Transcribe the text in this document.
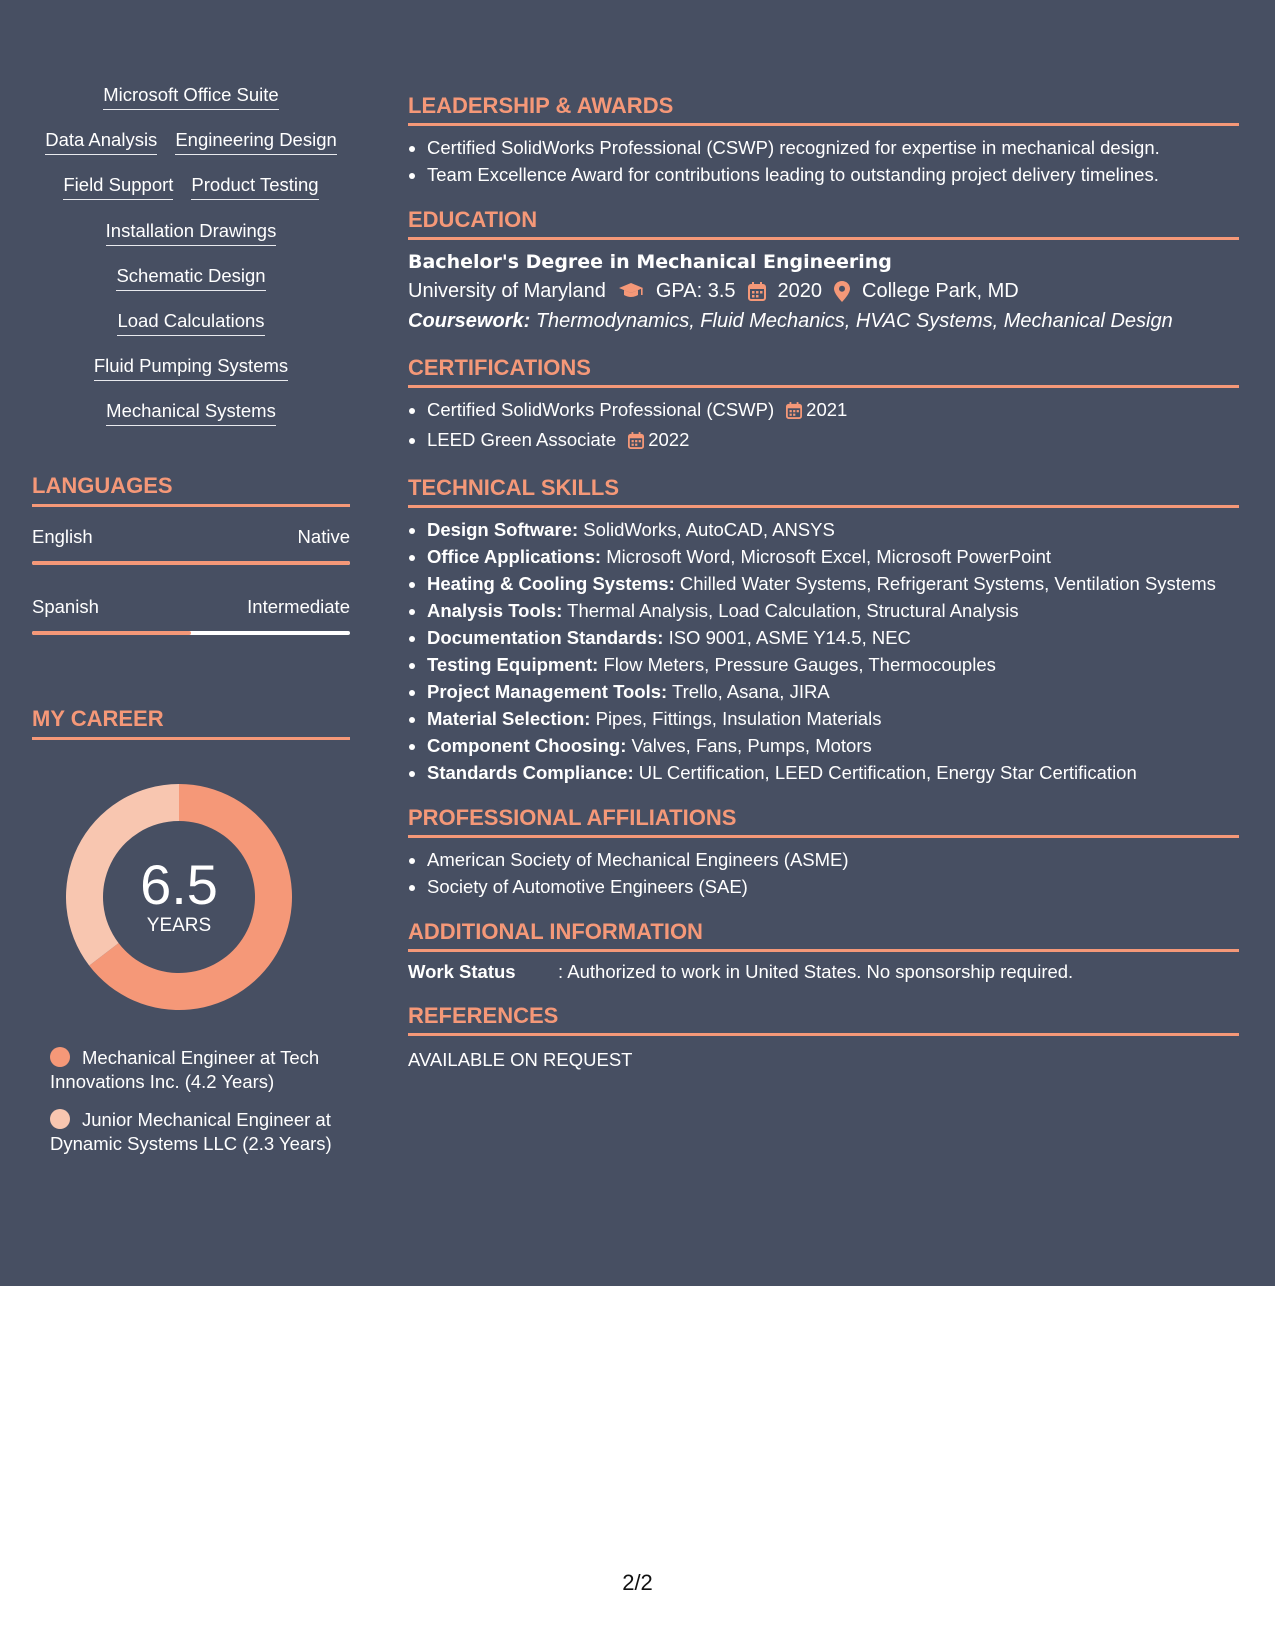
Microsoft Office Suite
Data Analysis Engineering Design
Field Support Product Testing
Installation Drawings
Schematic Design
Load Calculations
Fluid Pumping Systems
Mechanical Systems
LANGUAGES
English	Native
Spanish	Intermediate
MY CAREER
6.5
YEARS
Mechanical Engineer at Tech Innovations Inc. (4.2 Years)
Junior Mechanical Engineer at Dynamic Systems LLC (2.3 Years)
LEADERSHIP & AWARDS
• Certified SolidWorks Professional (CSWP) recognized for expertise in mechanical design.
• Team Excellence Award for contributions leading to outstanding project delivery timelines.
EDUCATION
Bachelor's Degree in Mechanical Engineering
University of Maryland	GPA: 3.5 2020 College Park, MD
Coursework: Thermodynamics, Fluid Mechanics, HVAC Systems, Mechanical Design
CERTIFICATIONS
• Certified SolidWorks Professional (CSWP) 2021
• LEED Green Associate 2022
TECHNICAL SKILLS
• Design Software: SolidWorks, AutoCAD, ANSYS
• Office Applications: Microsoft Word, Microsoft Excel, Microsoft PowerPoint
• Heating & Cooling Systems: Chilled Water Systems, Refrigerant Systems, Ventilation Systems
• Analysis Tools: Thermal Analysis, Load Calculation, Structural Analysis
• Documentation Standards: ISO 9001, ASME Y14.5, NEC
• Testing Equipment: Flow Meters, Pressure Gauges, Thermocouples
• Project Management Tools: Trello, Asana, JIRA
• Material Selection: Pipes, Fittings, Insulation Materials
• Component Choosing: Valves, Fans, Pumps, Motors
• Standards Compliance: UL Certification, LEED Certification, Energy Star Certification
PROFESSIONAL AFFILIATIONS
• American Society of Mechanical Engineers (ASME)
• Society of Automotive Engineers (SAE)
ADDITIONAL INFORMATION
Work Status	: Authorized to work in United States. No sponsorship required.
REFERENCES
AVAILABLE ON REQUEST
2/2
